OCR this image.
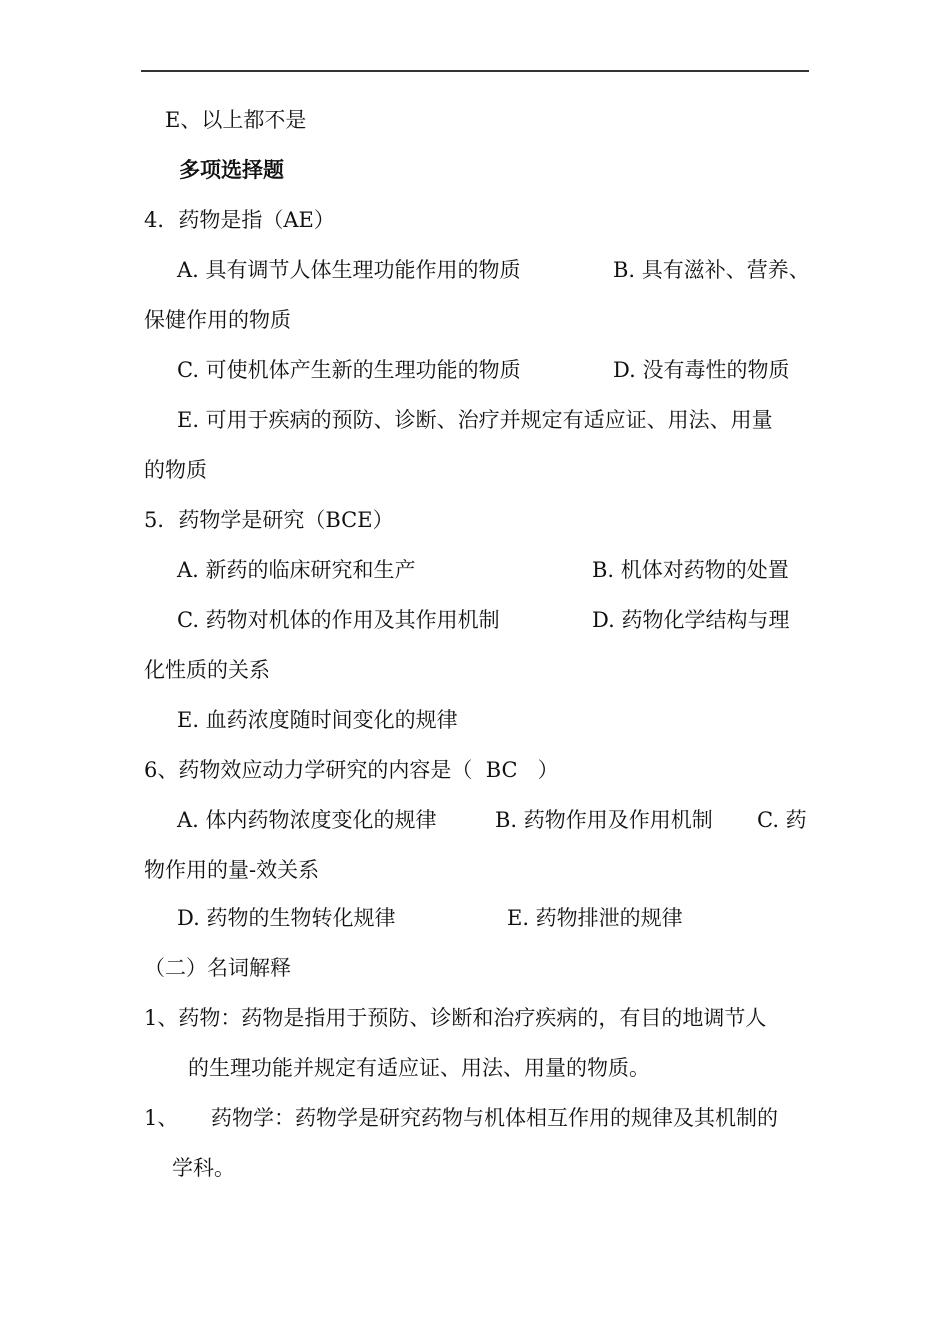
E、以上都不是

多项选择题

4．药物是指（AE）

A. 具有调节人体生理功能作用的物质	B. 具有滋补、营养、

保健作用的物质

C. 可使机体产生新的生理功能的物质	D. 没有毒性的物质

E. 可用于疾病的预防、诊断、治疗并规定有适应证、用法、用量

的物质

5．药物学是研究（BCE）

A. 新药的临床研究和生产	B. 机体对药物的处置

C. 药物对机体的作用及其作用机制	D. 药物化学结构与理

化性质的关系

E. 血药浓度随时间变化的规律

6、药物效应动力学研究的内容是（  BC   ）

A. 体内药物浓度变化的规律	B. 药物作用及作用机制 C. 药

物作用的量-效关系

D. 药物的生物转化规律	E. 药物排泄的规律

（二）名词解释

1、药物：药物是指用于预防、诊断和治疗疾病的，有目的地调节人

的生理功能并规定有适应证、用法、用量的物质。

1、 药物学：药物学是研究药物与机体相互作用的规律及其机制的

学科。
